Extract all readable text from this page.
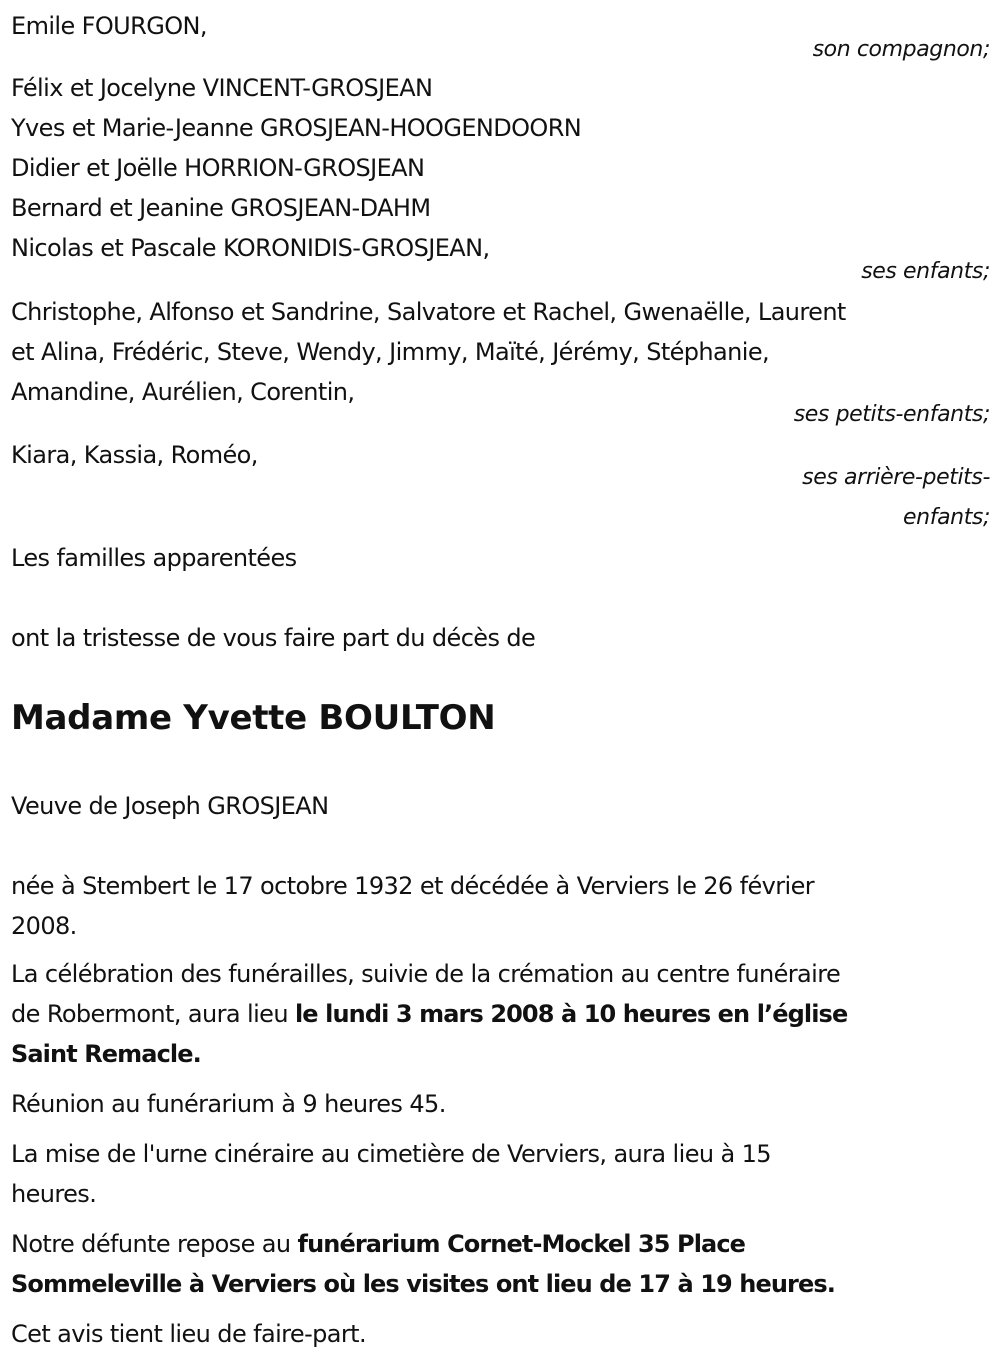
Emile FOURGON,
son compagnon;
Félix et Jocelyne VINCENT-GROSJEAN
Yves et Marie-Jeanne GROSJEAN-HOOGENDOORN
Didier et Joëlle HORRION-GROSJEAN
Bernard et Jeanine GROSJEAN-DAHM
Nicolas et Pascale KORONIDIS-GROSJEAN,
ses enfants;
Christophe, Alfonso et Sandrine, Salvatore et Rachel, Gwenaëlle, Laurent
et Alina, Frédéric, Steve, Wendy, Jimmy, Maïté, Jérémy, Stéphanie,
Amandine, Aurélien, Corentin,
ses petits-enfants;
Kiara, Kassia, Roméo,
ses arrière-petits-
enfants;
Les familles apparentées
ont la tristesse de vous faire part du décès de
Madame Yvette BOULTON
Veuve de Joseph GROSJEAN
née à Stembert le 17 octobre 1932 et décédée à Verviers le 26 février
2008.
La célébration des funérailles, suivie de la crémation au centre funéraire
de Robermont, aura lieu le lundi 3 mars 2008 à 10 heures en l’église
Saint Remacle.
Réunion au funérarium à 9 heures 45.
La mise de l'urne cinéraire au cimetière de Verviers, aura lieu à 15
heures.
Notre défunte repose au funérarium Cornet-Mockel 35 Place
Sommeleville à Verviers où les visites ont lieu de 17 à 19 heures.
Cet avis tient lieu de faire-part.
